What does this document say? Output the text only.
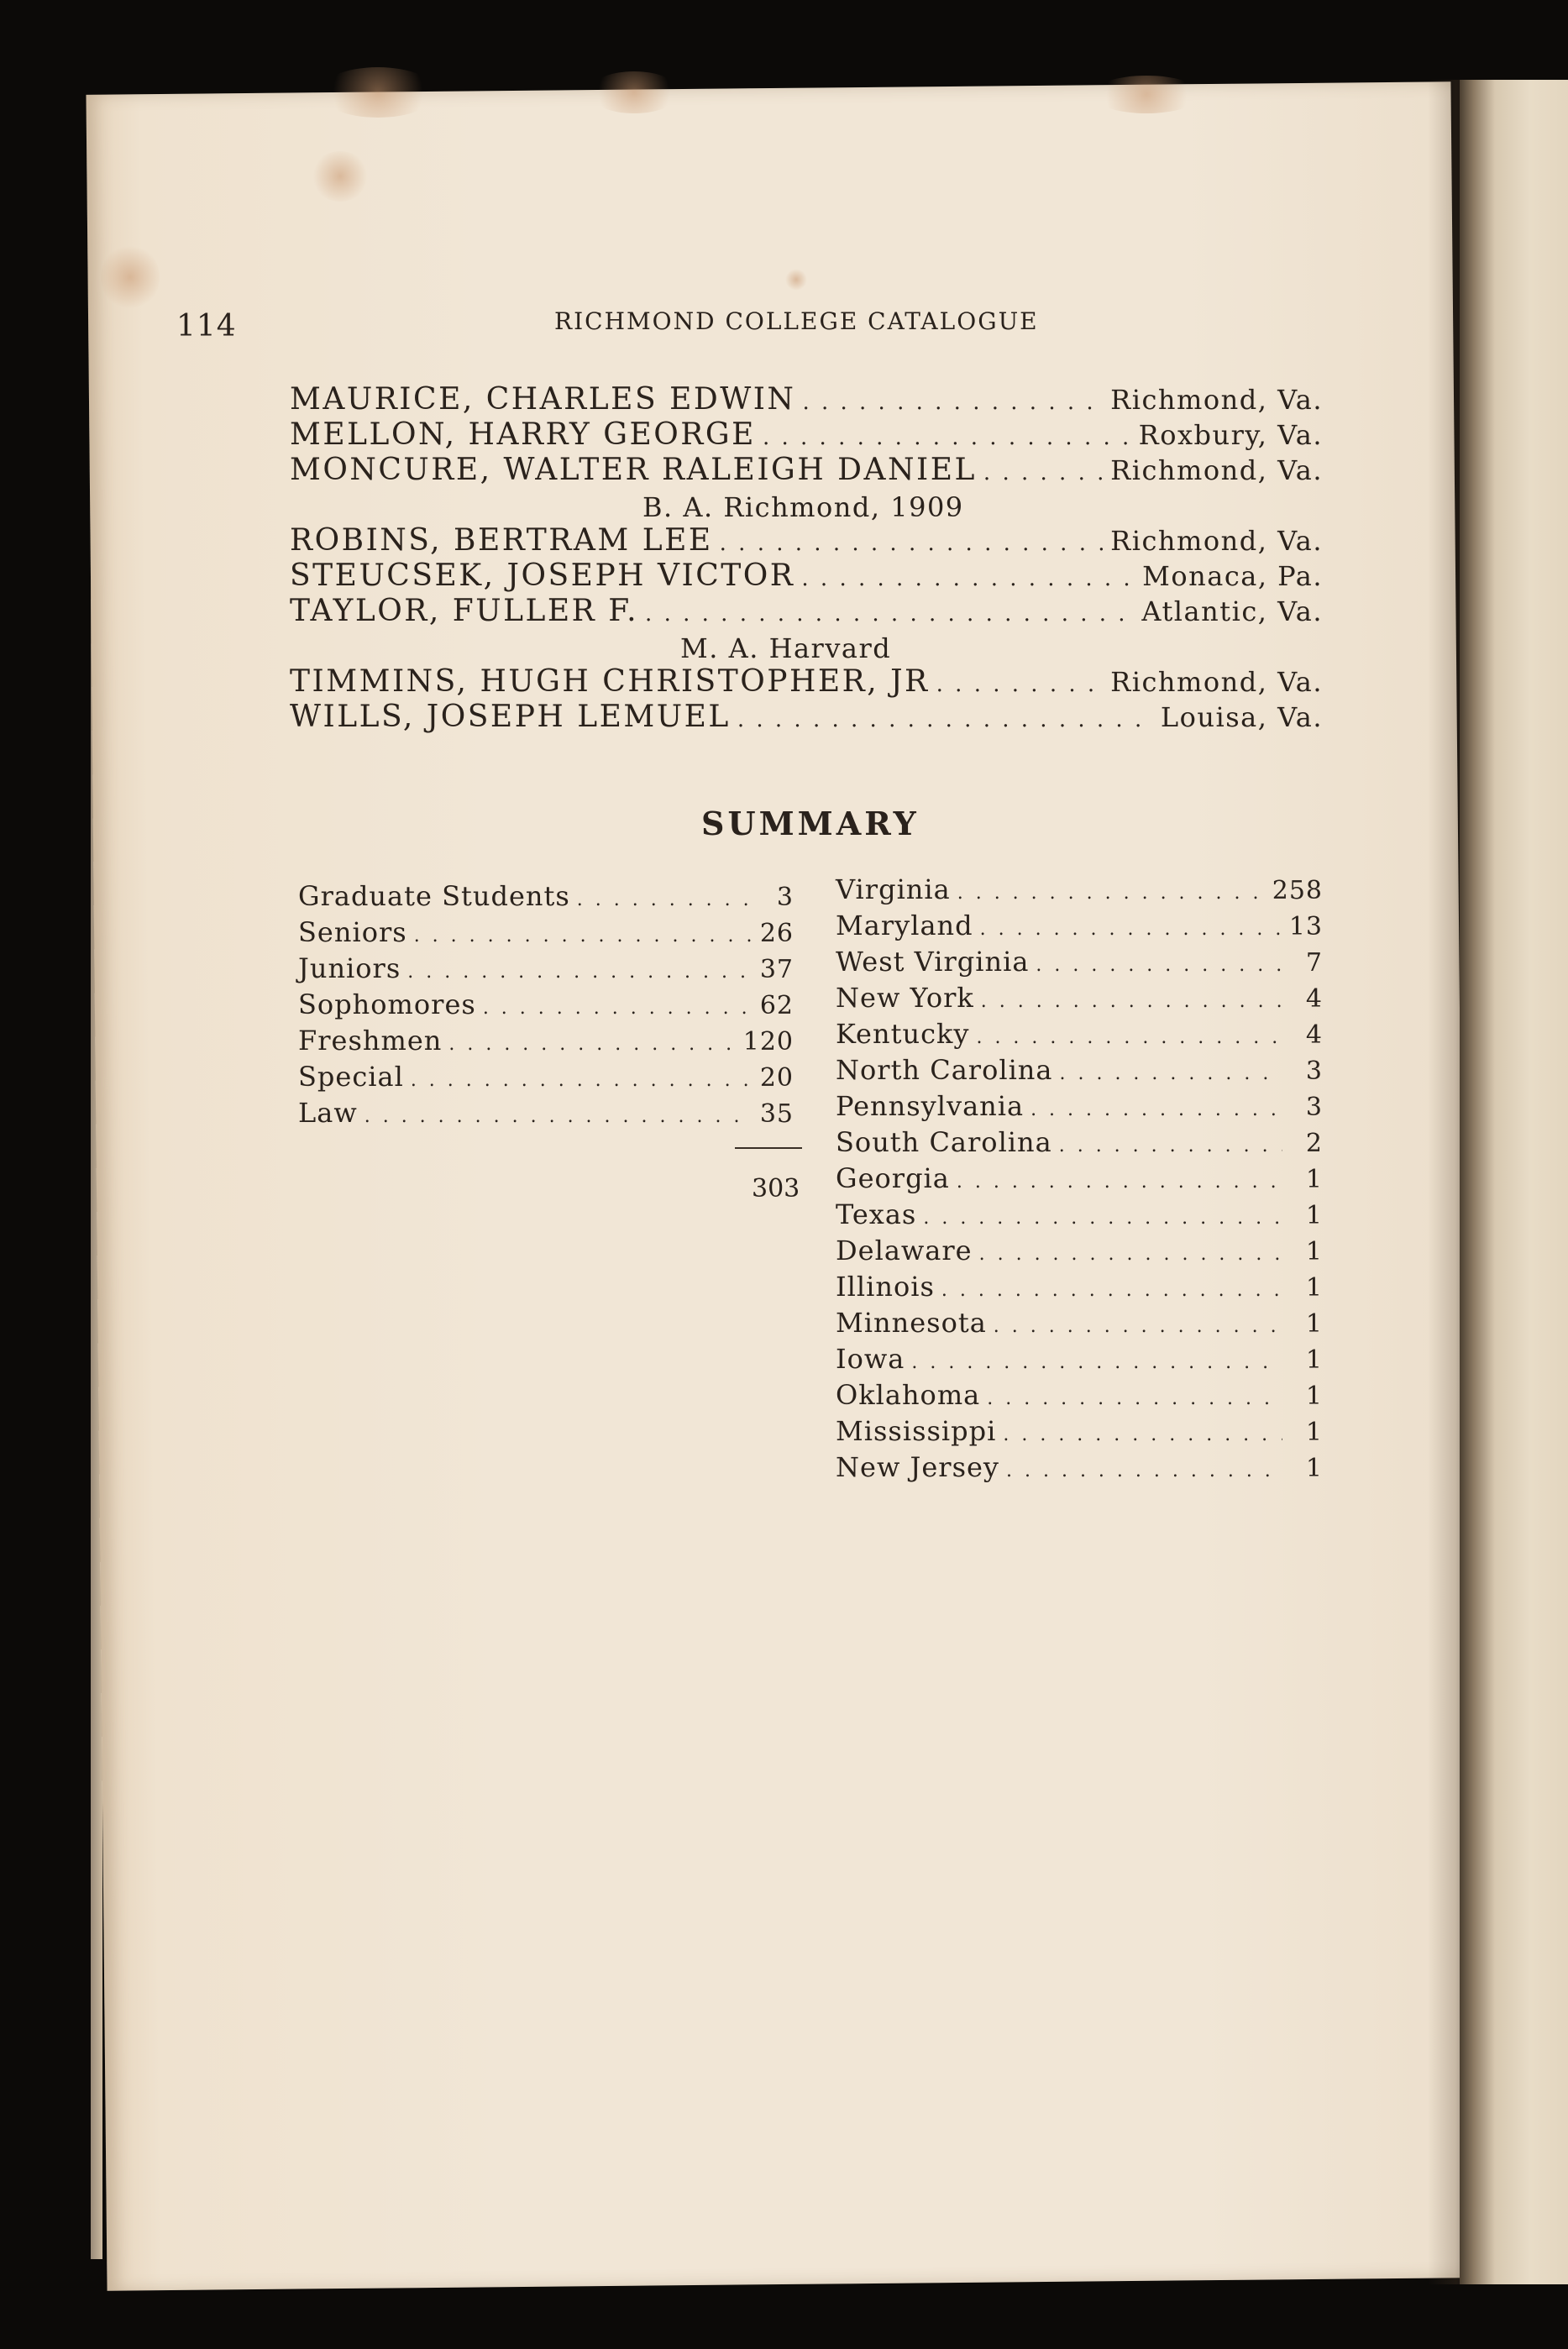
114	RICHMOND COLLEGE CATALOGUE
MAURICE, CHARLES EDWIN . . .	Richmond, Va.
MELLON, HARRY GEORGE . . .	Roxbury, Va.
MONCURE, WALTER RALEIGH DANIEL . . .	Richmond, Va.
B. A. Richmond, 1909
ROBINS, BERTRAM LEE . . .	Richmond, Va.
STEUCSEK, JOSEPH VICTOR . . .	Monaca, Pa.
TAYLOR, FULLER F. . . .	Atlantic, Va.
M. A. Harvard
TIMMINS, HUGH CHRISTOPHER, JR . . .	Richmond, Va.
WILLS, JOSEPH LEMUEL . . .	Louisa, Va.
SUMMARY
Graduate Students . . .	3
Seniors . . .	26
Juniors . . .	37
Sophomores . . .	62
Freshmen . . .	120
Special . . .	20
Law . . .	35
303
Virginia . . .	258
Maryland . . .	13
West Virginia . . .	7
New York . . .	4
Kentucky . . .	4
North Carolina . . .	3
Pennsylvania . . .	3
South Carolina . . .	2
Georgia . . .	1
Texas . . .	1
Delaware . . .	1
Illinois . . .	1
Minnesota . . .	1
Iowa . . .	1
Oklahoma . . .	1
Mississippi . . .	1
New Jersey . . .	1
